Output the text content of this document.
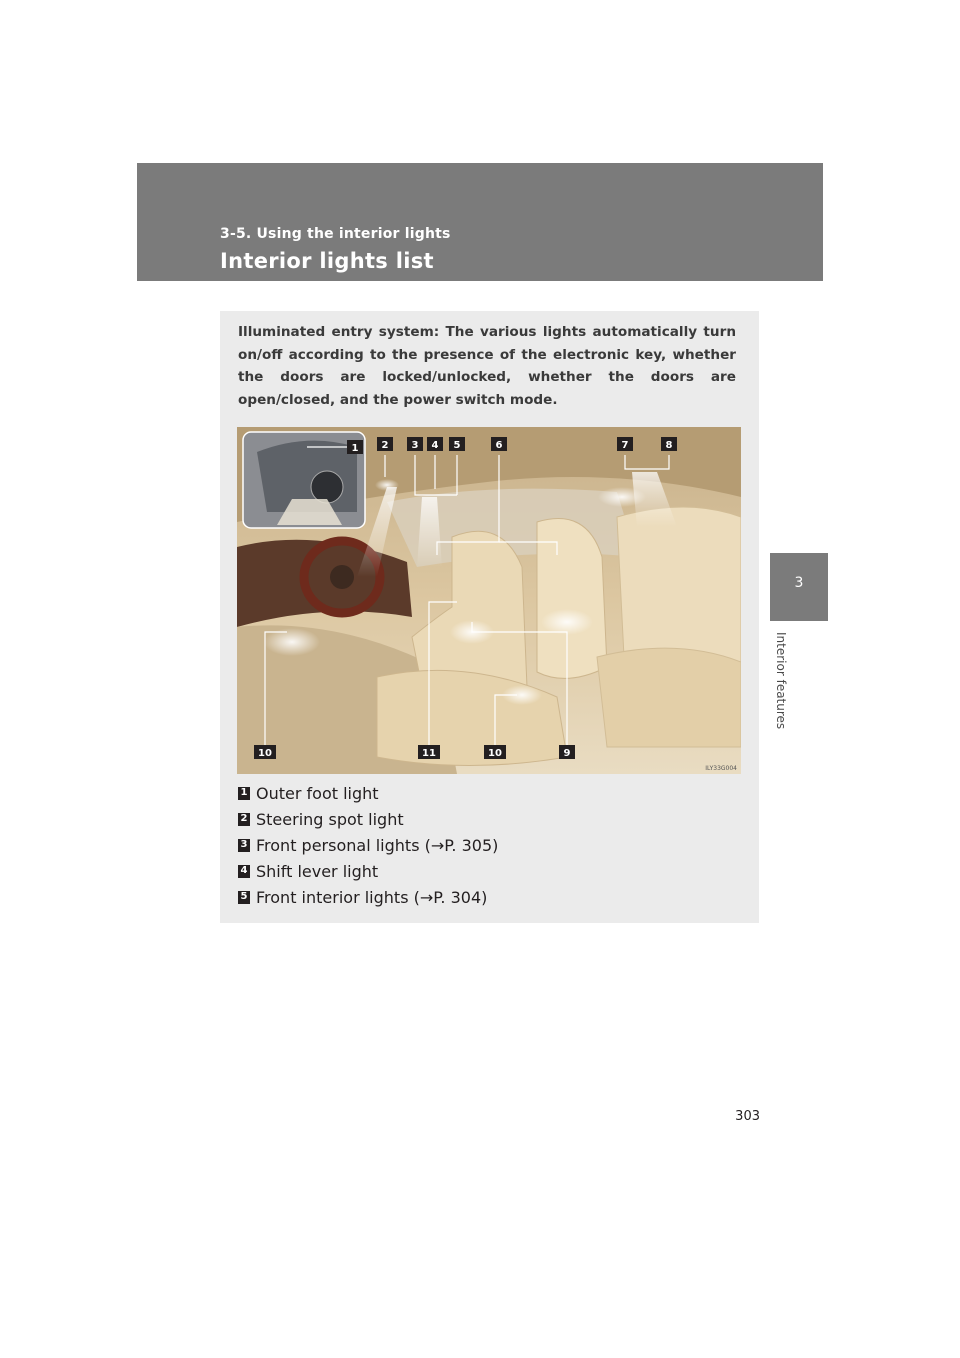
3-5. Using the interior lights
Interior lights list
3
Interior features
Illuminated entry system: The various lights automatically turn on/off according to the presence of the electronic key, whether the doors are locked/unlocked, whether the doors are open/closed, and the power switch mode.
1 2 3 4 5	6	7	8
9
10	11	10
ILY33G004
1 Outer foot light
2 Steering spot light
3 Front personal lights (→P. 305)
4 Shift lever light
5 Front interior lights (→P. 304)
303
